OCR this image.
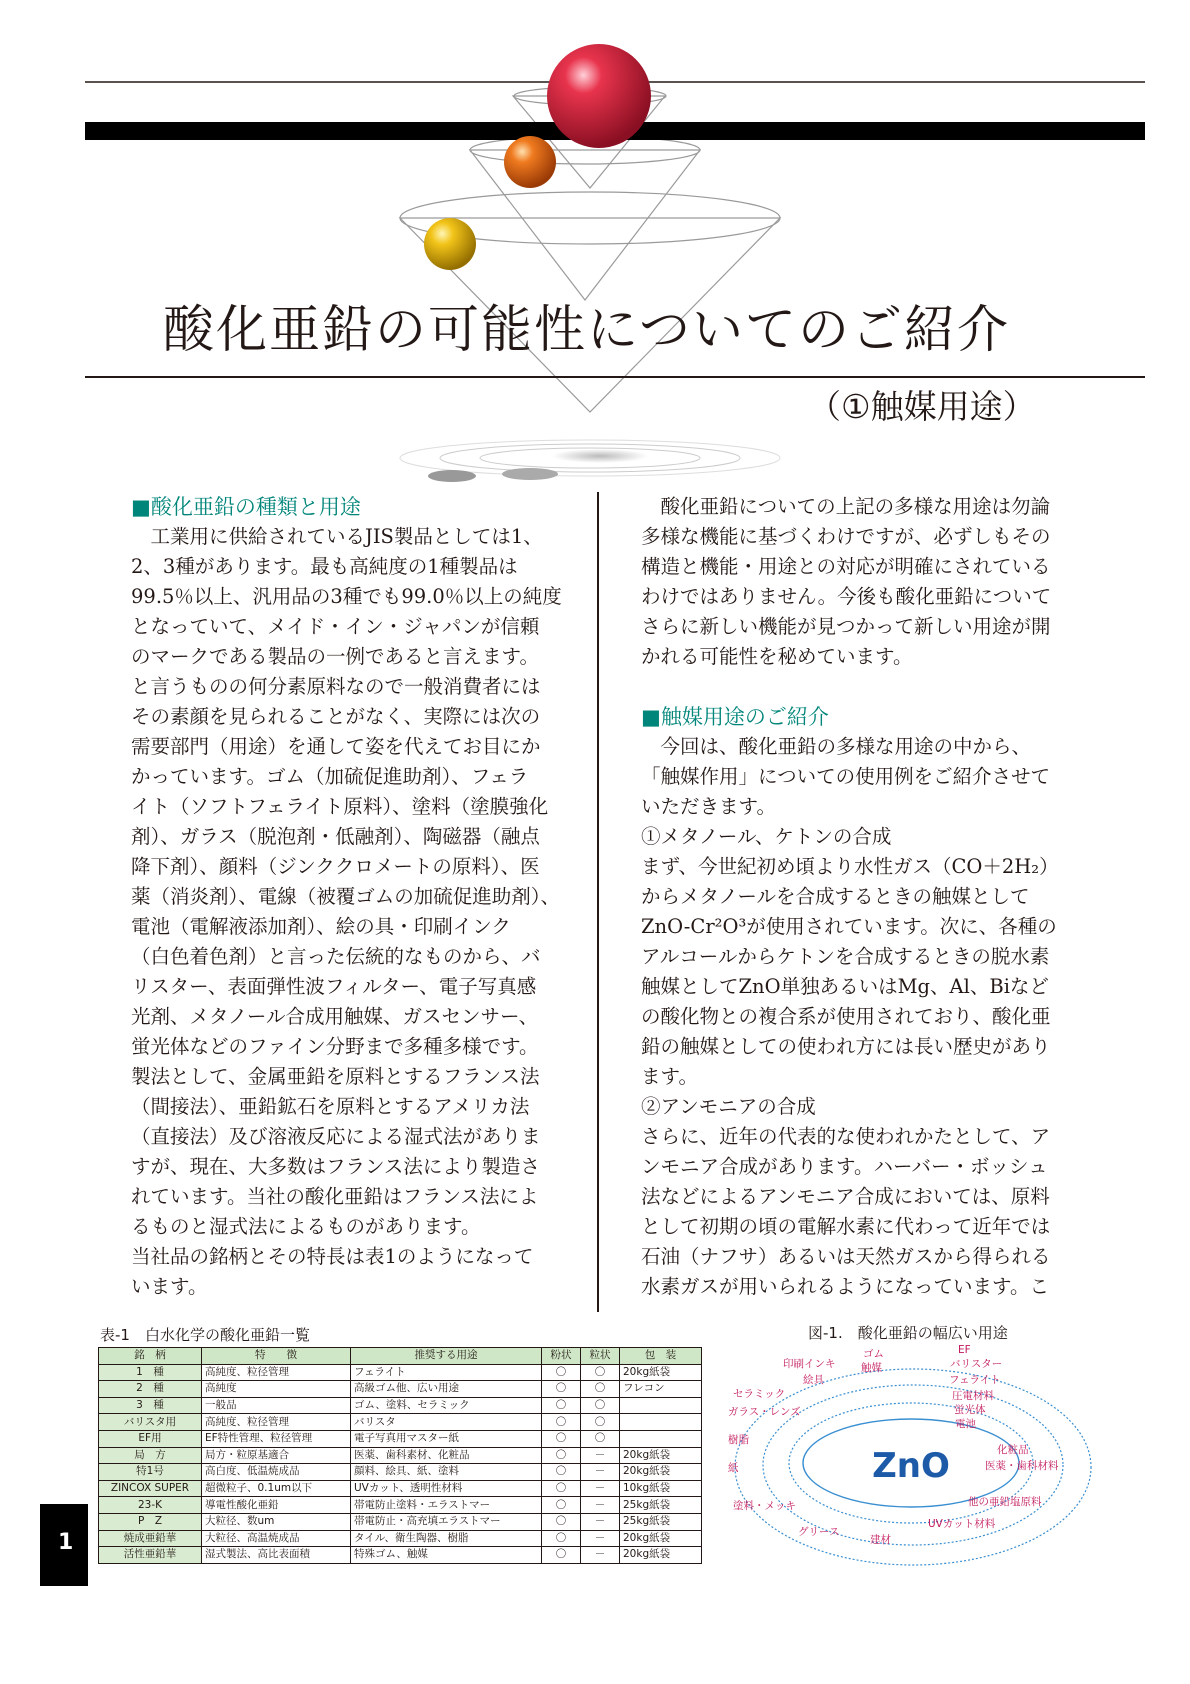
酸化亜鉛の可能性についてのご紹介
（①触媒用途）

■酸化亜鉛の種類と用途

　工業用に供給されているJIS製品としては1、

2、3種があります。最も高純度の1種製品は

99.5％以上、汎用品の3種でも99.0％以上の純度

となっていて、メイド・イン・ジャパンが信頼

のマークである製品の一例であると言えます。

と言うものの何分素原料なので一般消費者には

その素顔を見られることがなく、実際には次の

需要部門（用途）を通して姿を代えてお目にか

かっています。ゴム（加硫促進助剤）、フェラ

イト（ソフトフェライト原料）、塗料（塗膜強化

剤）、ガラス（脱泡剤・低融剤）、陶磁器（融点

降下剤）、顔料（ジンククロメートの原料）、医

薬（消炎剤）、電線（被覆ゴムの加硫促進助剤）、

電池（電解液添加剤）、絵の具・印刷インク

（白色着色剤）と言った伝統的なものから、バ

リスター、表面弾性波フィルター、電子写真感

光剤、メタノール合成用触媒、ガスセンサー、

蛍光体などのファイン分野まで多種多様です。

製法として、金属亜鉛を原料とするフランス法

（間接法）、亜鉛鉱石を原料とするアメリカ法

（直接法）及び溶液反応による湿式法がありま

すが、現在、大多数はフランス法により製造さ

れています。当社の酸化亜鉛はフランス法によ

るものと湿式法によるものがあります。

当社品の銘柄とその特長は表1のようになって

います。

　酸化亜鉛についての上記の多様な用途は勿論

多様な機能に基づくわけですが、必ずしもその

構造と機能・用途との対応が明確にされている

わけではありません。今後も酸化亜鉛について

さらに新しい機能が見つかって新しい用途が開

かれる可能性を秘めています。

■触媒用途のご紹介

　今回は、酸化亜鉛の多様な用途の中から、

「触媒作用」についての使用例をご紹介させて

いただきます。

①メタノール、ケトンの合成

まず、今世紀初め頃より水性ガス（CO＋2H₂）

からメタノールを合成するときの触媒として

ZnO-Cr²O³が使用されています。次に、各種の

アルコールからケトンを合成するときの脱水素

触媒としてZnO単独あるいはMg、Al、Biなど

の酸化物との複合系が使用されており、酸化亜

鉛の触媒としての使われ方には長い歴史があり

ます。

②アンモニアの合成

さらに、近年の代表的な使われかたとして、ア

ンモニア合成があります。ハーバー・ボッシュ

法などによるアンモニア合成においては、原料

として初期の頃の電解水素に代わって近年では

石油（ナフサ）あるいは天然ガスから得られる

水素ガスが用いられるようになっています。こ

表-1　白水化学の酸化亜鉛一覧
銘　柄	特　　徴	推奨する用途	粉状	粒状	包　装
1　種	高純度、粒径管理	フェライト	〇	〇	20kg紙袋
2　種	高純度	高級ゴム他、広い用途	〇	〇	フレコン
3　種	一般品	ゴム、塗料、セラミック	〇	〇	
バリスタ用	高純度、粒径管理	バリスタ	〇	〇	
EF用	EF特性管理、粒径管理	電子写真用マスター紙	〇	〇	
局　方	局方・粒原基適合	医薬、歯科素材、化粧品	〇	－	20kg紙袋
特1号	高白度、低温焼成品	顔料、絵具、紙、塗料	〇	－	20kg紙袋
ZINCOX SUPER	超微粒子、0.1um以下	UVカット、透明性材料	〇	－	10kg紙袋
23-K	導電性酸化亜鉛	帯電防止塗料・エラストマー	〇	－	25kg紙袋
P　Z	大粒径、数um	帯電防止・高充填エラストマー	〇	－	25kg紙袋
焼成亜鉛華	大粒径、高温焼成品	タイル、衛生陶器、樹脂	〇	－	20kg紙袋
活性亜鉛華	湿式製法、高比表面積	特殊ゴム、触媒	〇	－	20kg紙袋
図-1.　酸化亜鉛の幅広い用途
ZnO
ゴム
触媒
印刷インキ
絵具
EF
バリスター
フェライト
圧電材料
セラミック
ガラス・レンズ	蛍光体
電池
樹脂
化粧品
紙	医薬・歯科材料
塗料・メッキ	他の亜鉛塩原料
グリース
UVカット材料
建材
1
